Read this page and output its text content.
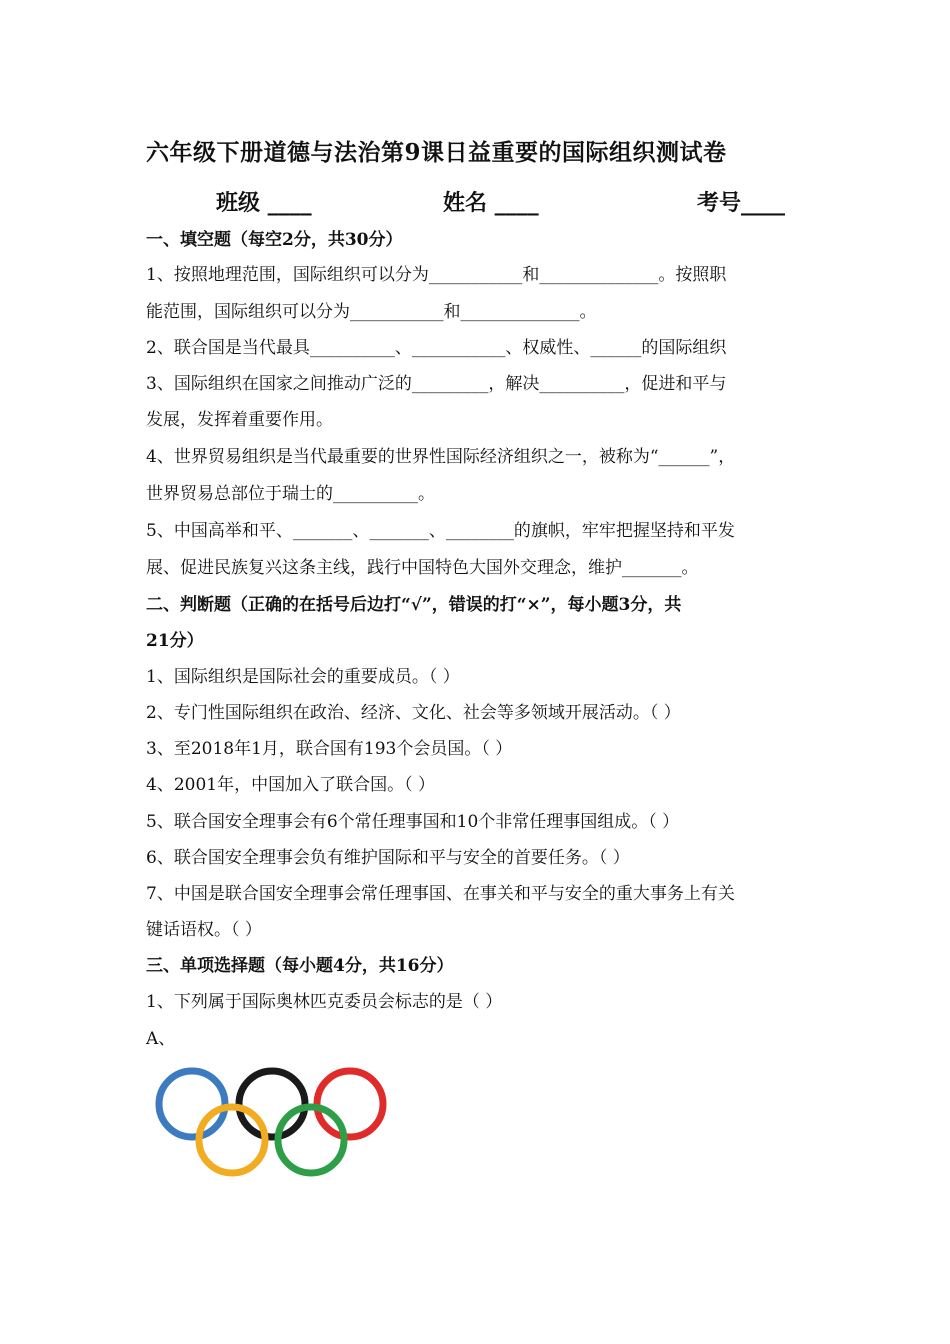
六年级下册道德与法治第9课日益重要的国际组织测试卷
班级 ____	姓名 ____	考号____
一、填空题（每空2分，共30分）
1、按照地理范围，国际组织可以分为___________和______________。按照职
能范围，国际组织可以分为___________和______________。
2、联合国是当代最具__________、___________、权威性、______的国际组织
3、国际组织在国家之间推动广泛的_________，解决__________，促进和平与
发展，发挥着重要作用。
4、世界贸易组织是当代最重要的世界性国际经济组织之一，被称为“______”，
世界贸易总部位于瑞士的__________。
5、中国高举和平、_______、_______、________的旗帜，牢牢把握坚持和平发
展、促进民族复兴这条主线，践行中国特色大国外交理念，维护_______。
二、判断题（正确的在括号后边打“√”，错误的打“×”，每小题3分，共
21分）
1、国际组织是国际社会的重要成员。（ ）
2、专门性国际组织在政治、经济、文化、社会等多领域开展活动。（ ）
3、至2018年1月，联合国有193个会员国。（ ）
4、2001年，中国加入了联合国。（ ）
5、联合国安全理事会有6个常任理事国和10个非常任理事国组成。（ ）
6、联合国安全理事会负有维护国际和平与安全的首要任务。（ ）
7、中国是联合国安全理事会常任理事国、在事关和平与安全的重大事务上有关
键话语权。（ ）
三、单项选择题（每小题4分，共16分）
1、下列属于国际奥林匹克委员会标志的是（ ）
A、
